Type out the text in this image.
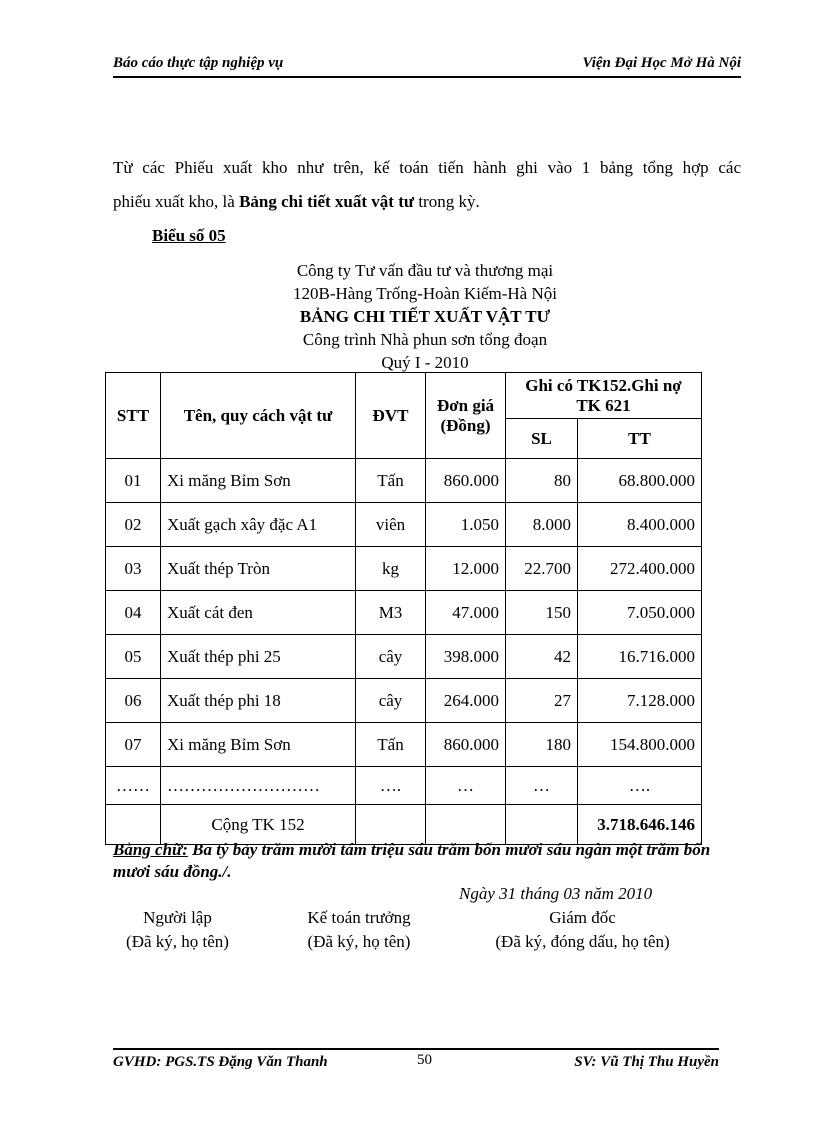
Báo cáo thực tập nghiệp vụ	Viện Đại Học Mở Hà Nội
Từ các Phiếu xuất kho như trên, kế toán tiến hành ghi vào 1 bảng tổng hợp các
phiếu xuất kho, là Bảng chi tiết xuất vật tư trong kỳ.
Biểu số 05
Công ty Tư vấn đầu tư và thương mại
120B-Hàng Trống-Hoàn Kiếm-Hà Nội
BẢNG CHI TIẾT XUẤT VẬT TƯ
Công trình Nhà phun sơn tổng đoạn
Quý I - 2010
STT	Tên, quy cách vật tư	ĐVT	Đơn giá (Đồng)	Ghi có TK152.Ghi nợ TK 621	
				SL	TT
01	Xi măng Bỉm Sơn	Tấn	860.000	80	68.800.000
02	Xuất gạch xây đặc A1	viên	1.050	8.000	8.400.000
03	Xuất thép Tròn	kg	12.000	22.700	272.400.000
04	Xuất cát đen	M3	47.000	150	7.050.000
05	Xuất thép phi 25	cây	398.000	42	16.716.000
06	Xuất thép phi 18	cây	264.000	27	7.128.000
07	Xi măng Bỉm Sơn	Tấn	860.000	180	154.800.000
……	………………………	….	…	…	….
	Cộng TK 152				3.718.646.146
Bằng chữ: Ba tỷ bảy trăm mười tám triệu sáu trăm bốn mươi sáu ngàn một trăm bốn mươi sáu đồng./.
Ngày 31 tháng 03 năm 2010
Người lập
(Đã ký, họ tên)
Kế toán trưởng
(Đã ký, họ tên)
Giám đốc
(Đã ký, đóng dấu, họ tên)
GVHD: PGS.TS Đặng Văn Thanh	50	SV: Vũ Thị Thu Huyền
